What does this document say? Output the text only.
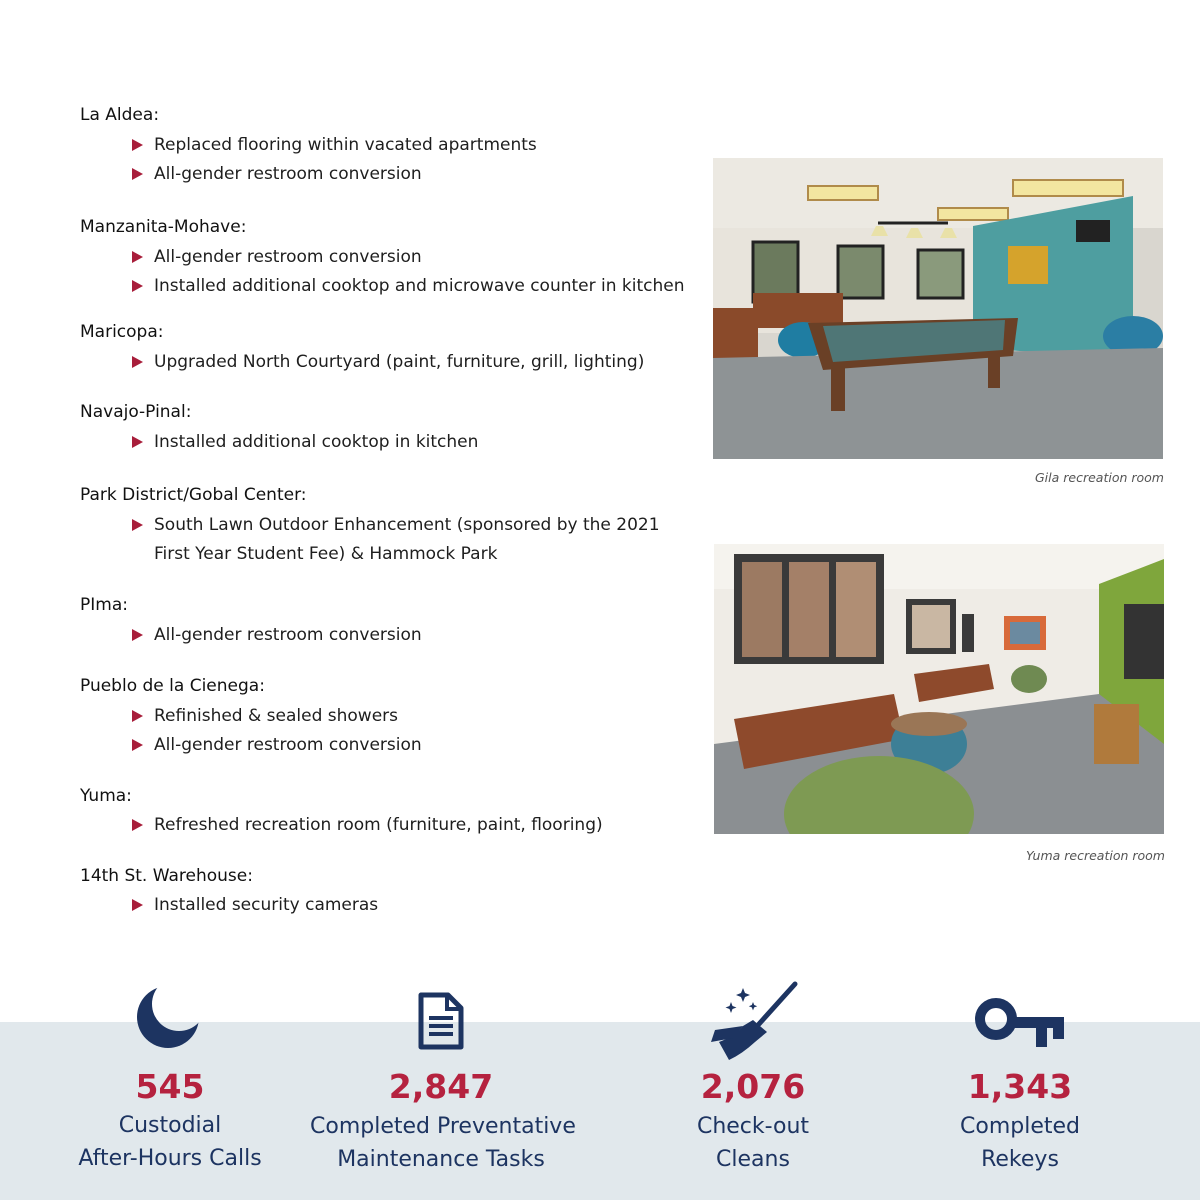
La Aldea:
Replaced flooring within vacated apartments
All-gender restroom conversion
Manzanita-Mohave:
All-gender restroom conversion
Installed additional cooktop and microwave counter in kitchen
Maricopa:
Upgraded North Courtyard (paint, furniture, grill, lighting)
Navajo-Pinal:
Installed additional cooktop in kitchen
Park District/Gobal Center:
South Lawn Outdoor Enhancement (sponsored by the 2021
First Year Student Fee) & Hammock Park
PIma:
All-gender restroom conversion
Pueblo de la Cienega:
Refinished & sealed showers
All-gender restroom conversion
Yuma:
Refreshed recreation room (furniture, paint, flooring)
14th St. Warehouse:
Installed security cameras
Gila recreation room
Yuma recreation room
545
Custodial
After-Hours Calls
2,847
Completed Preventative
Maintenance Tasks
2,076
Check-out
Cleans
1,343
Completed
Rekeys
